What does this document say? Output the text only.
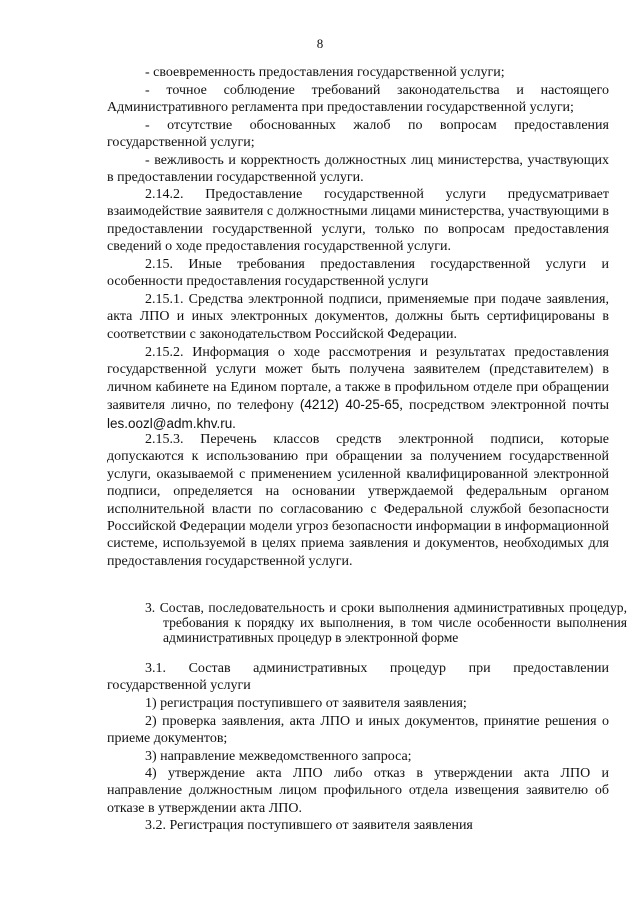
8

- своевременность предоставления государственной услуги;

- точное соблюдение требований законодательства и настоящего Административного регламента при предоставлении государственной услуги;

- отсутствие обоснованных жалоб по вопросам предоставления государственной услуги;

- вежливость и корректность должностных лиц министерства, участвующих в предоставлении государственной услуги.

2.14.2. Предоставление государственной услуги предусматривает взаимодействие заявителя с должностными лицами министерства, участвующими в предоставлении государственной услуги, только по вопросам предоставления сведений о ходе предоставления государственной услуги.

2.15. Иные требования предоставления государственной услуги и особенности предоставления государственной услуги

2.15.1. Средства электронной подписи, применяемые при подаче заявления, акта ЛПО и иных электронных документов, должны быть сертифицированы в соответствии с законодательством Российской Федерации.

2.15.2. Информация о ходе рассмотрения и результатах предоставления государственной услуги может быть получена заявителем (представителем) в личном кабинете на Едином портале, а также в профильном отделе при обращении заявителя лично, по телефону (4212) 40-25-65, посредством электронной почты les.oozl@adm.khv.ru.

2.15.3. Перечень классов средств электронной подписи, которые допускаются к использованию при обращении за получением государственной услуги, оказываемой с применением усиленной квалифицированной электронной подписи, определяется на основании утверждаемой федеральным органом исполнительной власти по согласованию с Федеральной службой безопасности Российской Федерации модели угроз безопасности информации в информационной системе, используемой в целях приема заявления и документов, необходимых для предоставления государственной услуги.

3. Состав, последовательность и сроки выполнения административных процедур, требования к порядку их выполнения, в том числе особенности выполнения административных процедур в электронной форме

3.1. Состав административных процедур при предоставлении государственной услуги

1) регистрация поступившего от заявителя заявления;

2) проверка заявления, акта ЛПО и иных документов, принятие решения о приеме документов;

3) направление межведомственного запроса;

4) утверждение акта ЛПО либо отказ в утверждении акта ЛПО и направление должностным лицом профильного отдела извещения заявителю об отказе в утверждении акта ЛПО.

3.2. Регистрация поступившего от заявителя заявления
